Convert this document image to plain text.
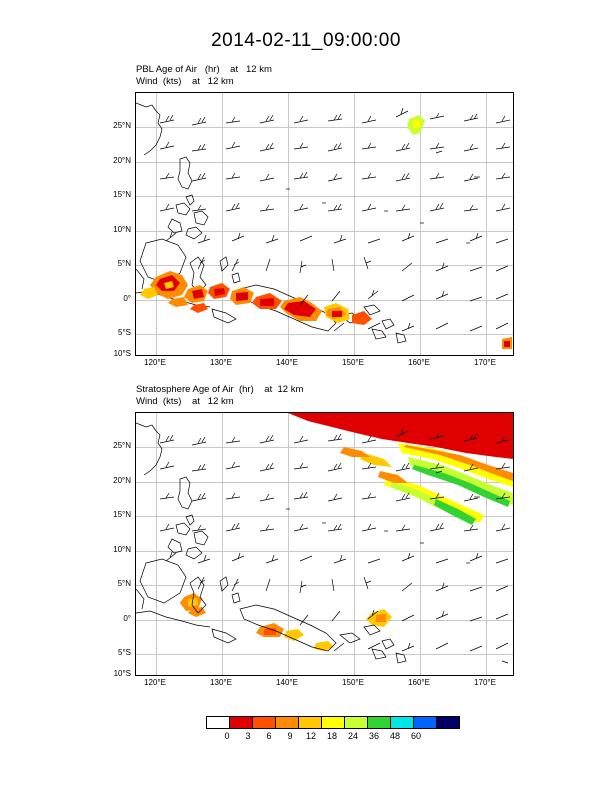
2014-02-11_09:00:00
PBL Age of Air   (hr)    at   12 km
Wind  (kts)    at   12 km
120°E	130°E	140°E	150°E	160°E	170°E
25°N
20°N
15°N
10°N
5°N
0°
5°S
10°S
Stratosphere Age of Air  (hr)    at  12 km
Wind  (kts)    at   12 km
120°E	130°E	140°E	150°E	160°E	170°E
25°N
20°N
15°N
10°N
5°N
0°
5°S
10°S
0	3	6	9	12	18	24	36	48	60
